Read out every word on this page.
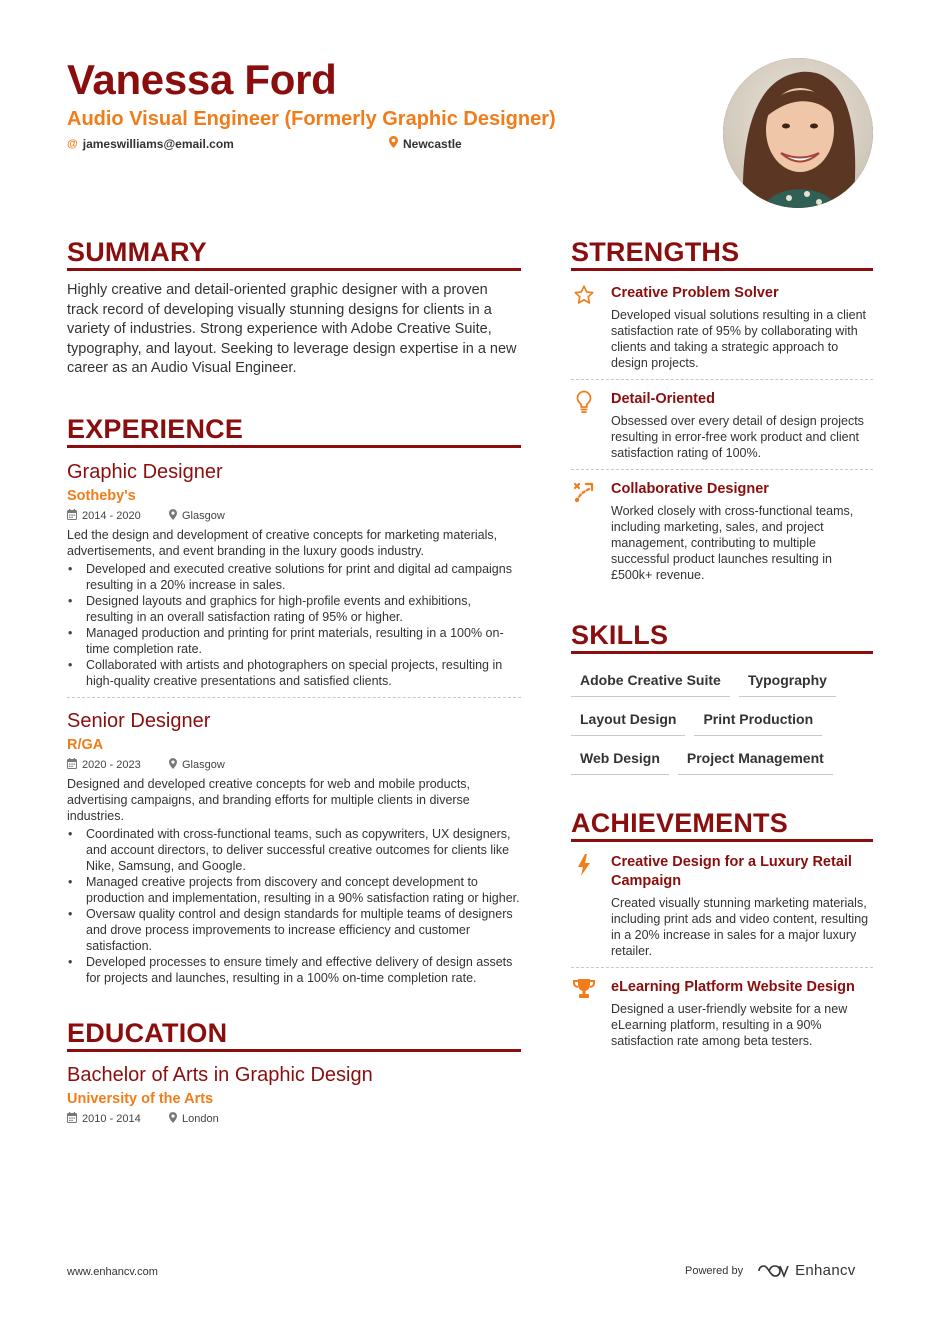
Vanessa Ford
Audio Visual Engineer (Formerly Graphic Designer)
@ jameswilliams@email.com	Newcastle
SUMMARY
Highly creative and detail-oriented graphic designer with a proven track record of developing visually stunning designs for clients in a variety of industries. Strong experience with Adobe Creative Suite, typography, and layout. Seeking to leverage design expertise in a new career as an Audio Visual Engineer.
EXPERIENCE
Graphic Designer
Sotheby's
2014 - 2020	Glasgow
Led the design and development of creative concepts for marketing materials, advertisements, and event branding in the luxury goods industry.
• Developed and executed creative solutions for print and digital ad campaigns resulting in a 20% increase in sales.
• Designed layouts and graphics for high-profile events and exhibitions, resulting in an overall satisfaction rating of 95% or higher.
• Managed production and printing for print materials, resulting in a 100% on-time completion rate.
• Collaborated with artists and photographers on special projects, resulting in high-quality creative presentations and satisfied clients.
Senior Designer
R/GA
2020 - 2023	Glasgow
Designed and developed creative concepts for web and mobile products, advertising campaigns, and branding efforts for multiple clients in diverse industries.
• Coordinated with cross-functional teams, such as copywriters, UX designers, and account directors, to deliver successful creative outcomes for clients like Nike, Samsung, and Google.
• Managed creative projects from discovery and concept development to production and implementation, resulting in a 90% satisfaction rating or higher.
• Oversaw quality control and design standards for multiple teams of designers and drove process improvements to increase efficiency and customer satisfaction.
• Developed processes to ensure timely and effective delivery of design assets for projects and launches, resulting in a 100% on-time completion rate.
EDUCATION
Bachelor of Arts in Graphic Design
University of the Arts
2010 - 2014	London
STRENGTHS
Creative Problem Solver
Developed visual solutions resulting in a client satisfaction rate of 95% by collaborating with clients and taking a strategic approach to design projects.
Detail-Oriented
Obsessed over every detail of design projects resulting in error-free work product and client satisfaction rating of 100%.
Collaborative Designer
Worked closely with cross-functional teams, including marketing, sales, and project management, contributing to multiple successful product launches resulting in £500k+ revenue.
SKILLS
Adobe Creative Suite	Typography
Layout Design	Print Production
Web Design	Project Management
ACHIEVEMENTS
Creative Design for a Luxury Retail Campaign
Created visually stunning marketing materials, including print ads and video content, resulting in a 20% increase in sales for a major luxury retailer.
eLearning Platform Website Design
Designed a user-friendly website for a new eLearning platform, resulting in a 90% satisfaction rate among beta testers.
www.enhancv.com	Powered by	Enhancv
